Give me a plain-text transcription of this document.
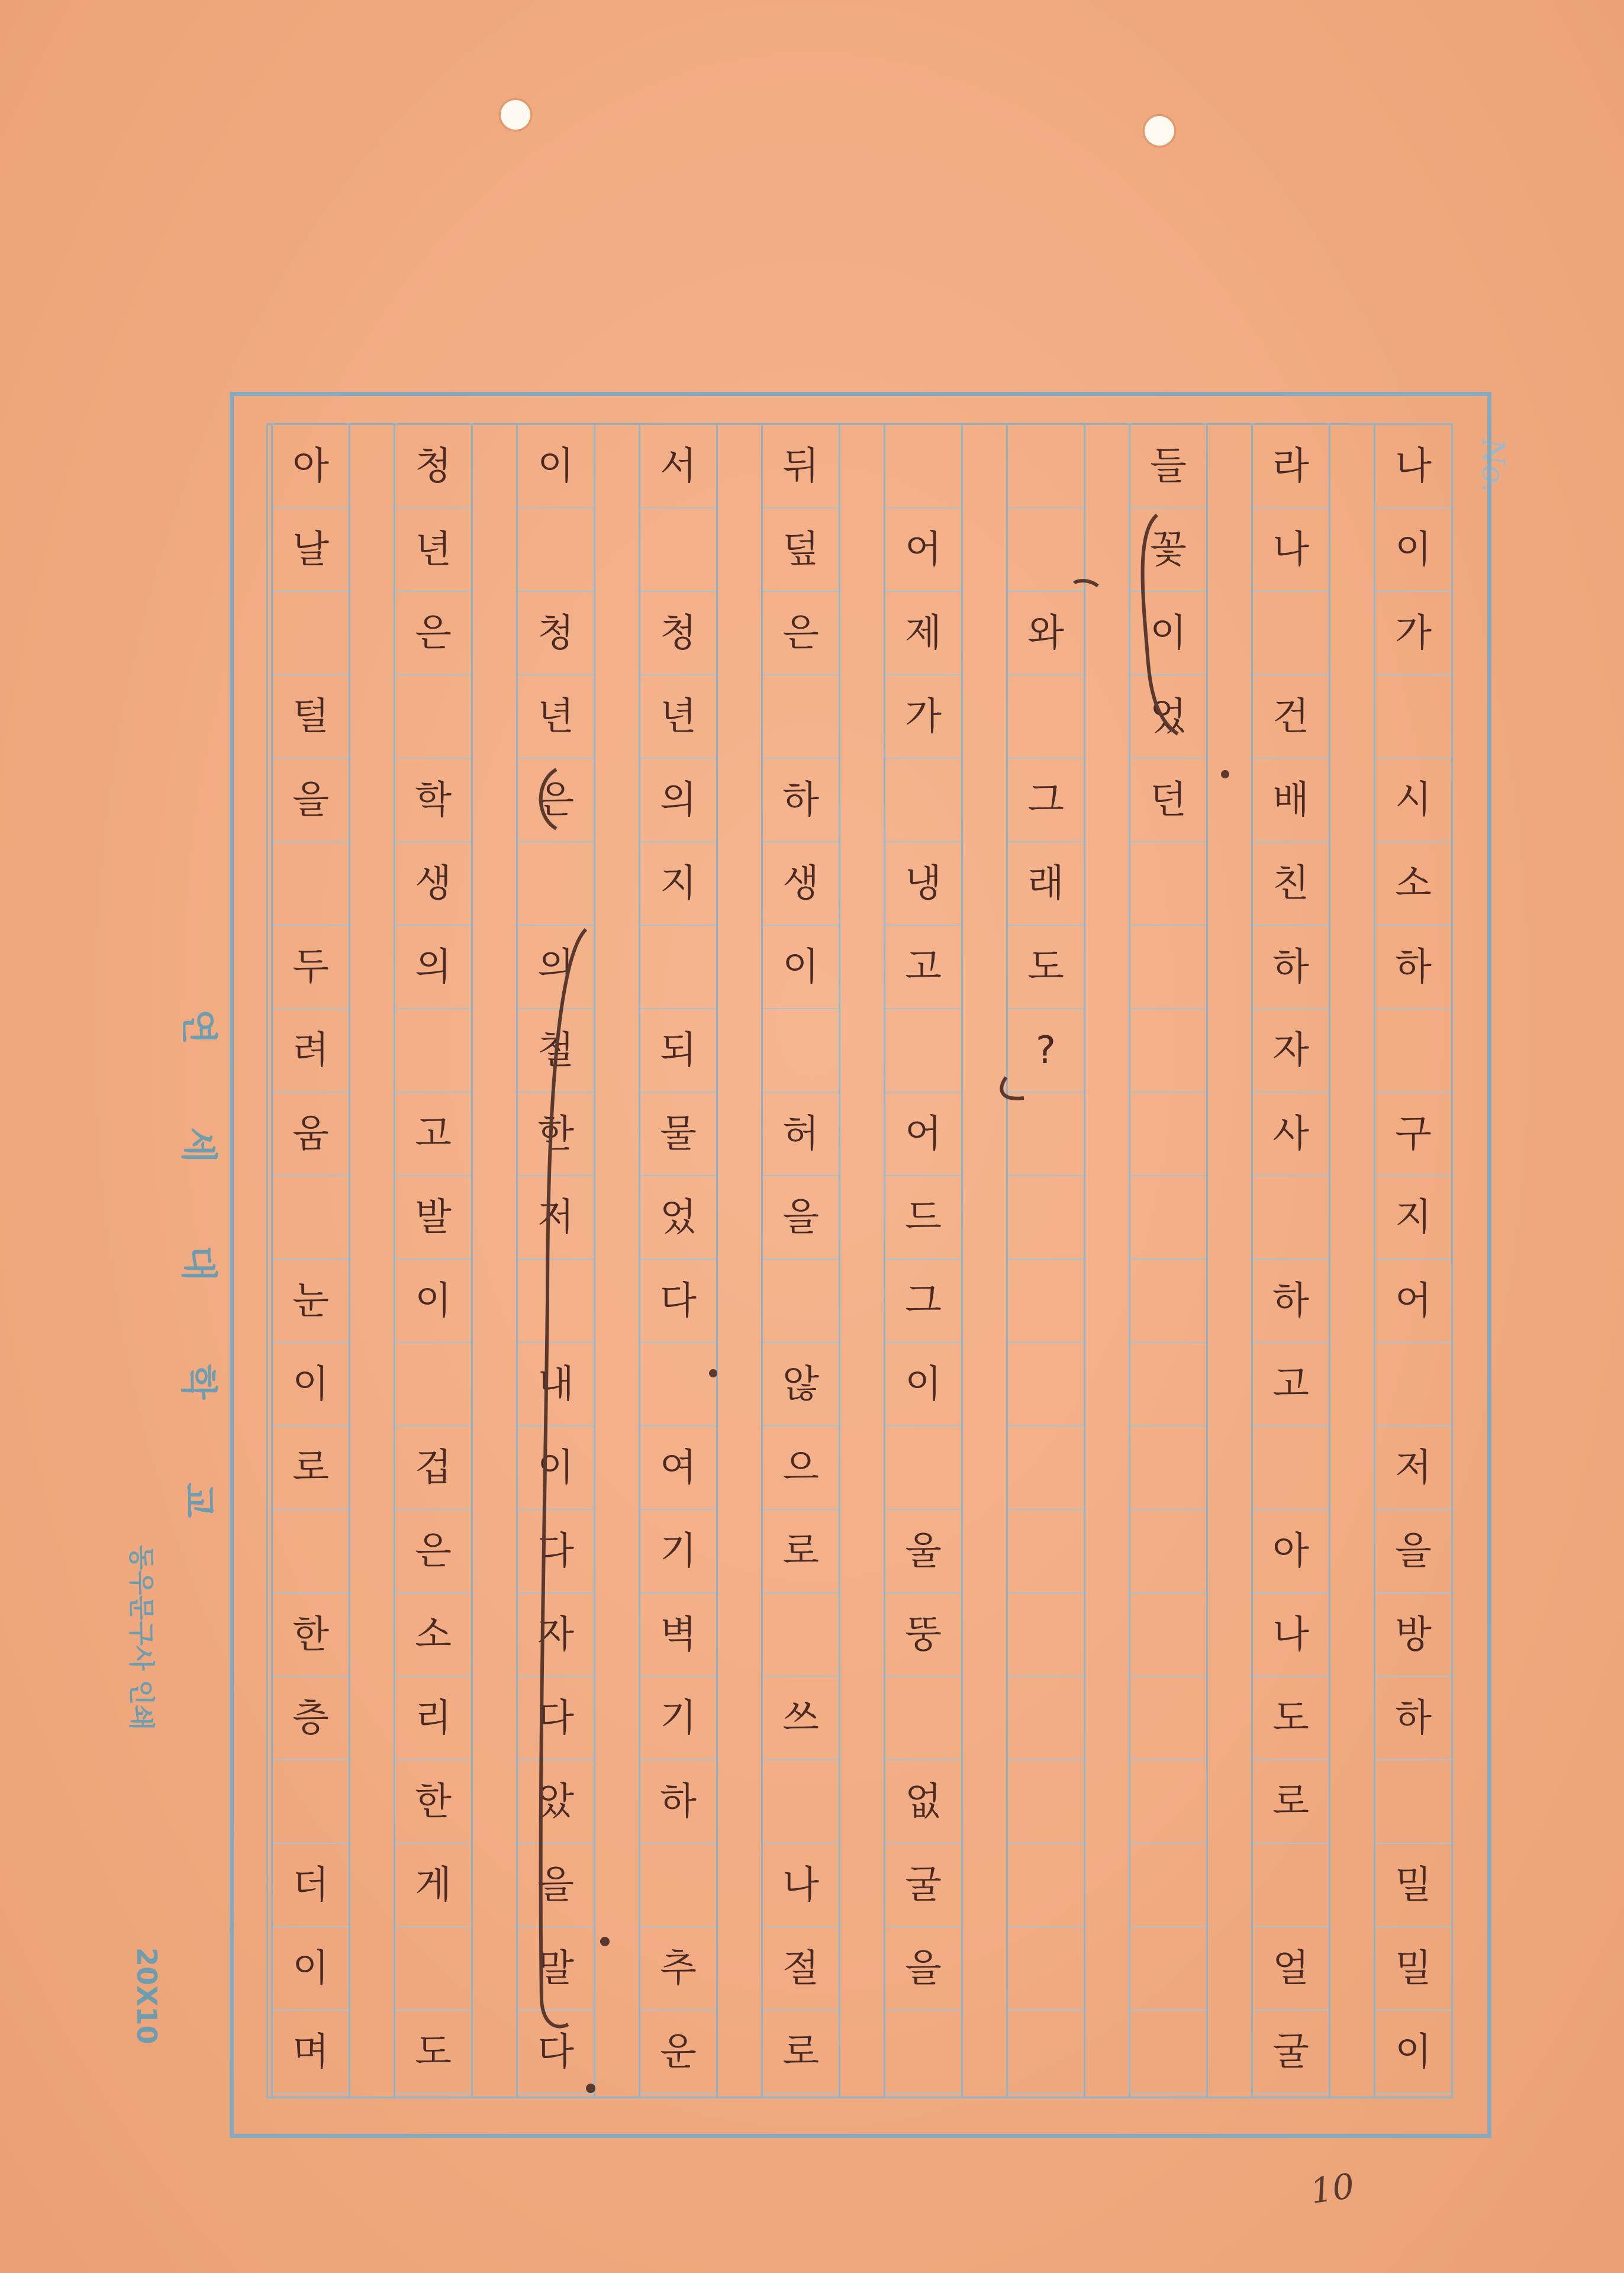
No.
연
세
대
학
교
동우문구사 인쇄
20X10
나
이
가
시
소
하
구
지
어
저
을
방
하
밀
밀
이
라
나
건
배
친
하
자
사
하
고
아
나
도
로
얼
굴
들
꽃
이
었
던
와
그
래
도
?
어
제
가
냉
고
어
드
그
이
울
뚱
없
굴
을
뒤
덮
은
하
생
이
허
을
않
으
로
쓰
나
절
로
서
청
년
의
지
되
물
었
다
여
기
벽
기
하
추
운
이
청
년
은
의
철
한
저
내
이
다
자
다
았
을
말
다
청
년
은
학
생
의
고
발
이
겁
은
소
리
한
게
도
아
날
털
을
두
려
움
눈
이
로
한
층
더
이
며
10
